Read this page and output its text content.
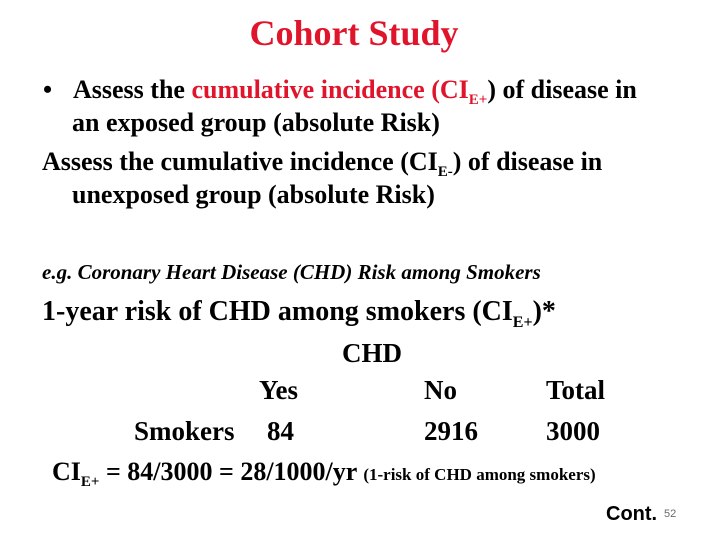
Cohort Study
• Assess the cumulative incidence $(CI_{E+})$ of disease in
an exposed group (absolute Risk)
Assess the cumulative incidence $(CI_{E-})$ of disease in
unexposed group (absolute Risk)
e.g. Coronary Heart Disease (CHD) Risk among Smokers
1-year risk of CHD among smokers $(CI_{E+})*$
CHD
Yes	No	Total
Smokers 84	2916	3000
$CI_{E+} = 84/3000 = 28/1000/yr$ (1-risk of CHD among smokers)
Cont. 52
